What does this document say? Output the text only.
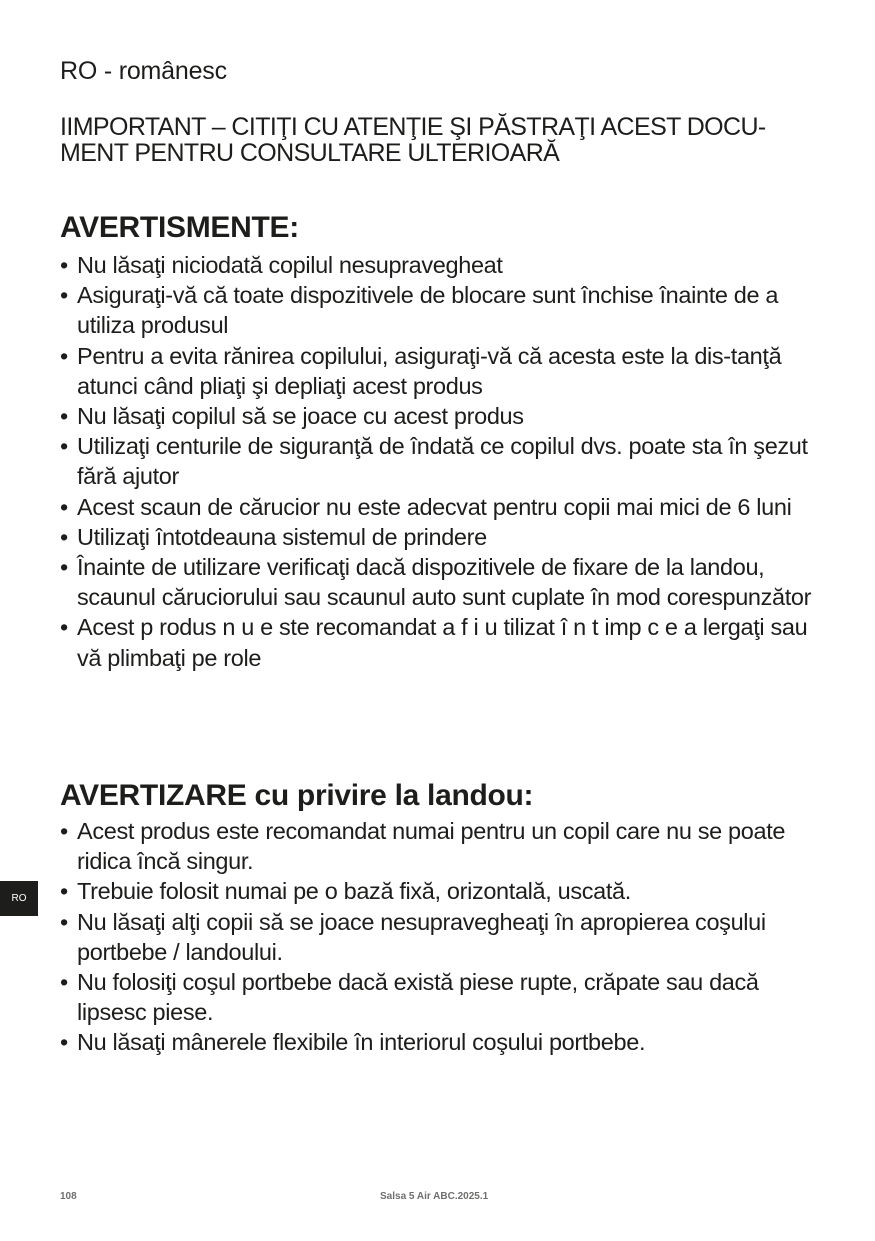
RO - românesc
IIMPORTANT – CITIŢI CU ATENŢIE ŞI PĂSTRAŢI ACEST DOCU-
MENT PENTRU CONSULTARE ULTERIOARĂ
AVERTISMENTE:
• Nu lăsaţi niciodată copilul nesupravegheat
• Asiguraţi-vă că toate dispozitivele de blocare sunt închise înainte de a utiliza produsul
• Pentru a evita rănirea copilului, asiguraţi-vă că acesta este la dis-tanţă atunci când pliaţi şi depliaţi acest produs
• Nu lăsaţi copilul să se joace cu acest produs
• Utilizaţi centurile de siguranţă de îndată ce copilul dvs. poate sta în şezut fără ajutor
• Acest scaun de cărucior nu este adecvat pentru copii mai mici de 6 luni
• Utilizaţi întotdeauna sistemul de prindere
• Înainte de utilizare verificaţi dacă dispozitivele de fixare de la landou, scaunul căruciorului sau scaunul auto sunt cuplate în mod corespunzător
• Acest p rodus n u e ste recomandat a f i u tilizat î n t imp c e a lergaţi sau vă plimbaţi pe role
AVERTIZARE cu privire la landou:
• Acest produs este recomandat numai pentru un copil care nu se poate ridica încă singur.
• Trebuie folosit numai pe o bază fixă, orizontală, uscată.
• Nu lăsaţi alţi copii să se joace nesupravegheaţi în apropierea coşului portbebe / landoului.
• Nu folosiţi coşul portbebe dacă există piese rupte, crăpate sau dacă lipsesc piese.
• Nu lăsaţi mânerele flexibile în interiorul coşului portbebe.
RO
108	Salsa 5 Air ABC.2025.1
